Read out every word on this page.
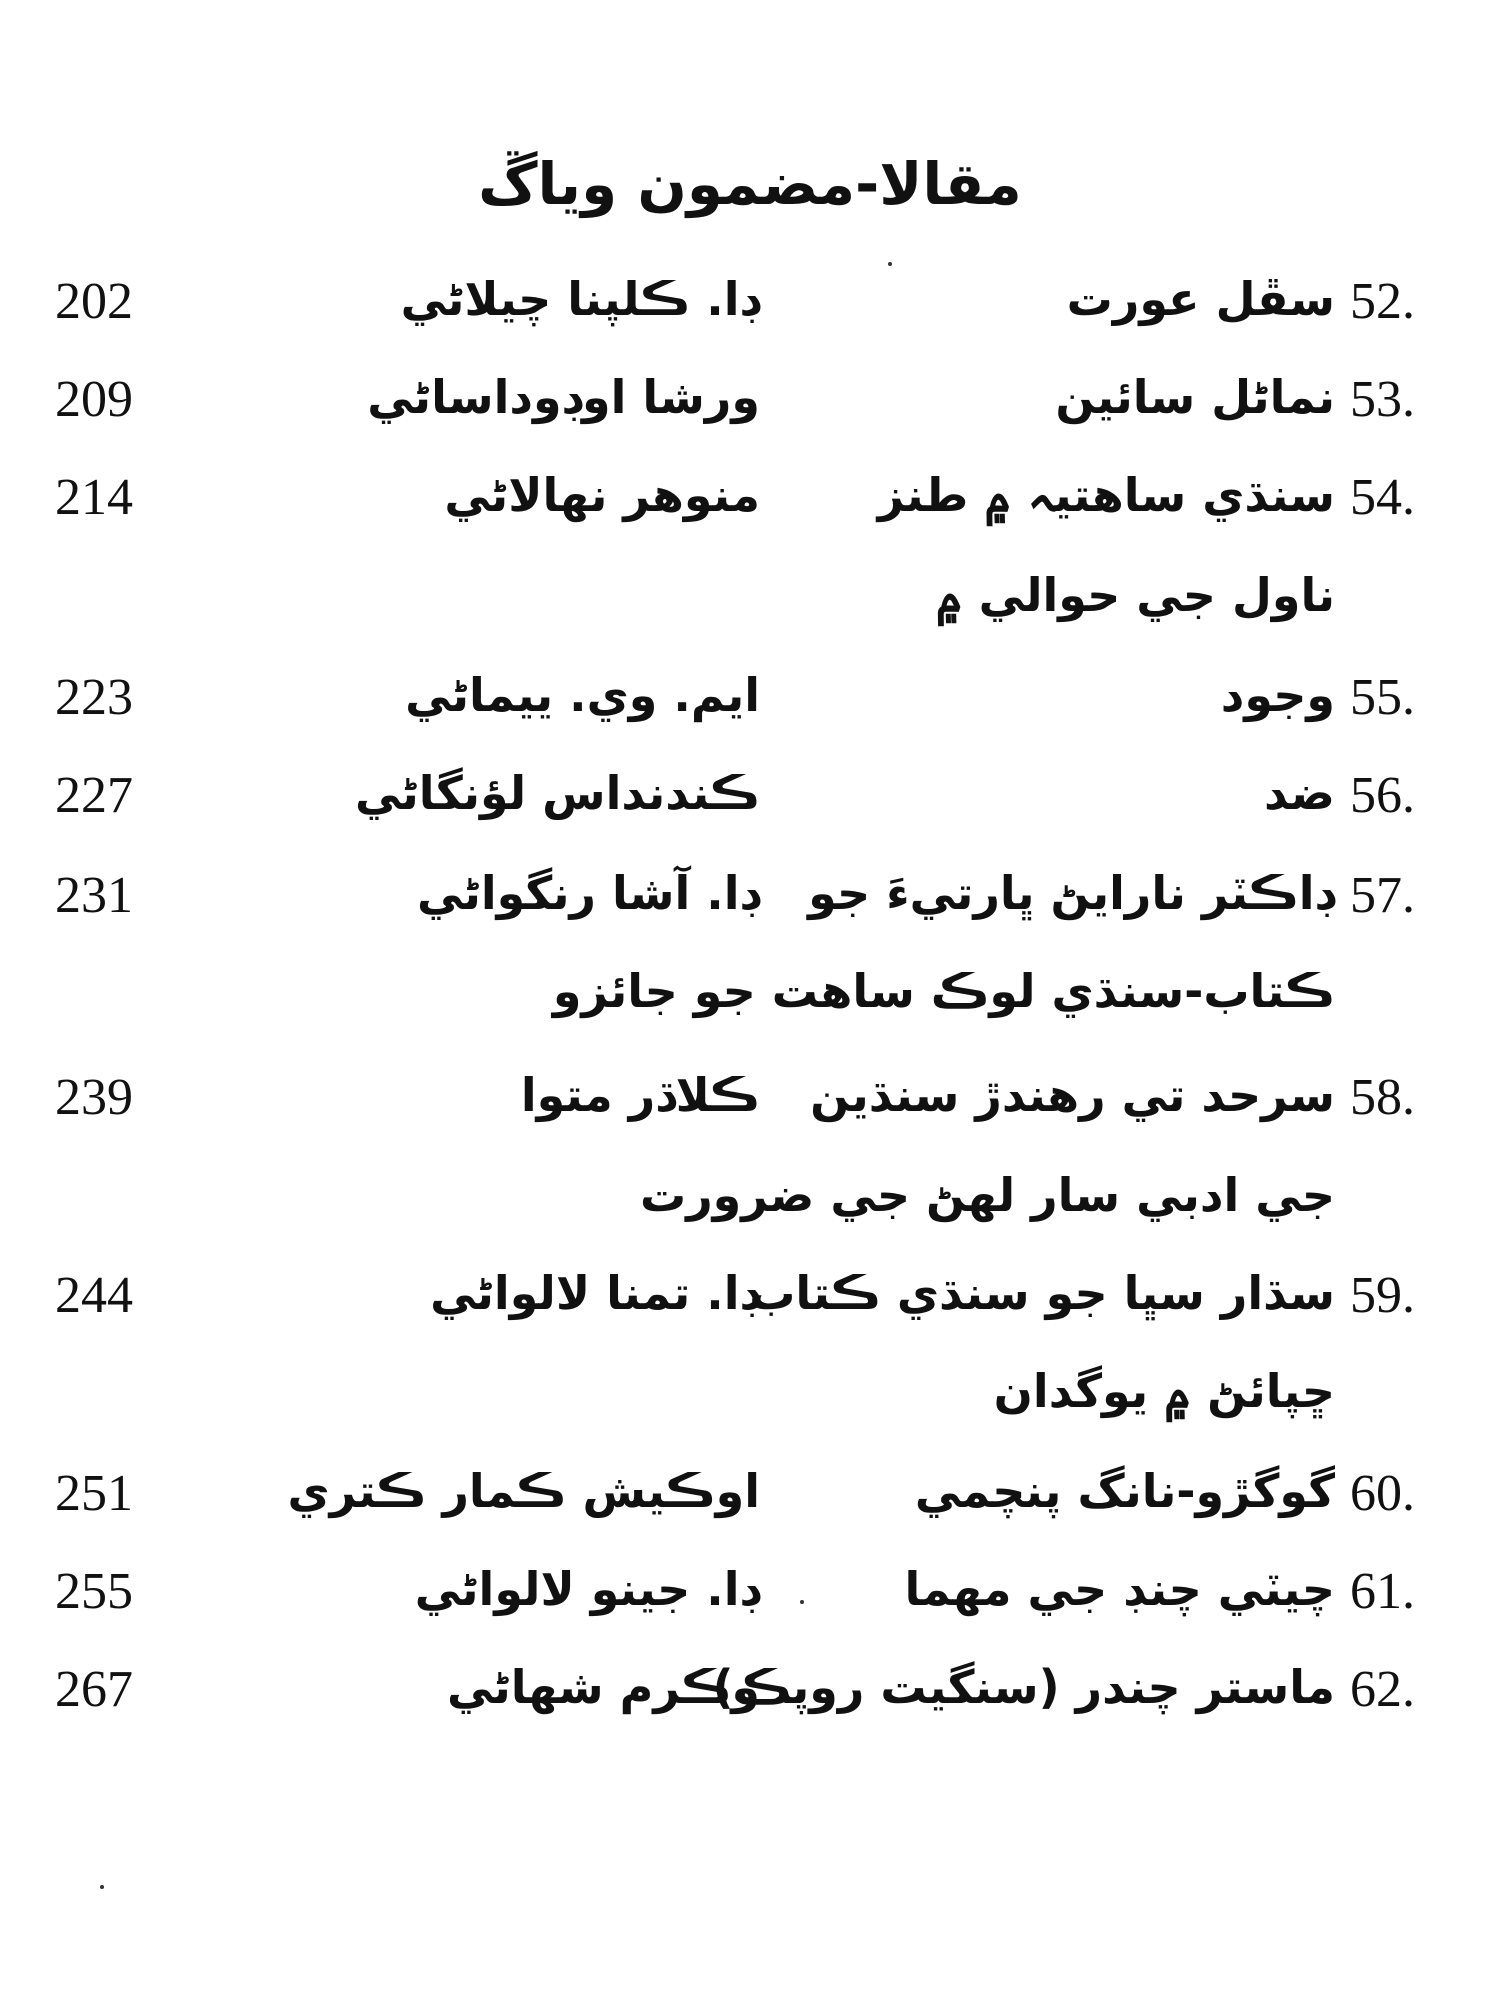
مقالا-مضمون وياڱ
52.
سڦل عورت
ڊا. ڪلپنا چيلاڻي
202
53.
نماڻل سائين
ورشا اوڊوداساڻي
209
54.
سنڌي ساهتيہ ۾ طنز
منوهر نهالاڻي
214
ناول جي حوالي ۾
55.
وجود
ايم. وي. ييماڻي
223
56.
ضد
ڪندنداس لؤنگاڻي
227
57.
ڊاڪٽر نارايڻ ڀارتيءَ جو
ڊا. آشا رنگواڻي
231
ڪتاب-سنڌي لوڪ ساهت جو جائزو
58.
سرحد تي رهندڙ سنڌين
ڪلاڌر متوا
239
جي ادبي سار لهڻ جي ضرورت
59.
سڌار سڀا جو سنڌي ڪتاب
ڊا. تمنا لالواڻي
244
ڇپائڻ ۾ يوگدان
60.
گوگڙو-نانگ پنچمي
اوڪيش ڪمار ڪتري
251
61.
چيٽي چنڊ جي مهما
ڊا. جينو لالواڻي
255
62.
ماستر چندر (سنگيت روپڪ)
وڪرم شهاڻي
267
